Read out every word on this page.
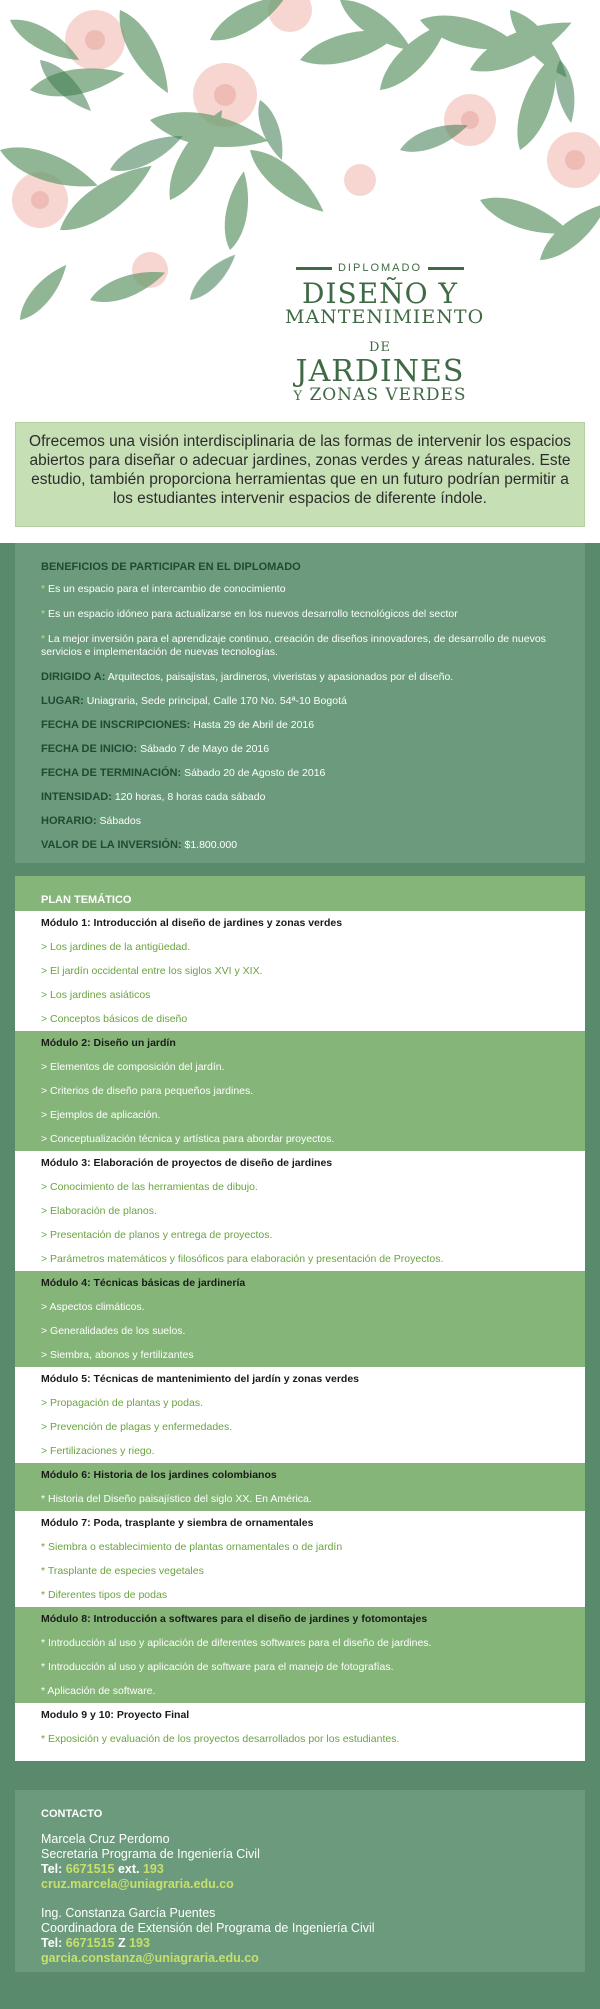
DIPLOMADO
DISEÑO Y
MANTENIMIENTO
DE JARDINES
Y ZONAS VERDES
Ofrecemos una visión interdisciplinaria de las formas de intervenir los espacios abiertos para diseñar o adecuar jardines, zonas verdes y áreas naturales. Este estudio, también proporciona herramientas que en un futuro podrían permitir a los estudiantes intervenir espacios de diferente índole.
BENEFICIOS DE PARTICIPAR EN EL DIPLOMADO
* Es un espacio para el intercambio de conocimiento
* Es un espacio idóneo para actualizarse en los nuevos desarrollo tecnológicos del sector
* La mejor inversión para el aprendizaje continuo, creación de diseños innovadores, de desarrollo de nuevos servicios e implementación de nuevas tecnologías.
DIRIGIDO A: Arquitectos, paisajistas, jardineros, viveristas y apasionados por el diseño.
LUGAR: Uniagraria, Sede principal, Calle 170 No. 54ª-10 Bogotá
FECHA DE INSCRIPCIONES: Hasta 29 de Abril de 2016
FECHA DE INICIO: Sábado 7 de Mayo de 2016
FECHA DE TERMINACIÓN: Sábado 20 de Agosto de 2016
INTENSIDAD: 120 horas, 8 horas cada sábado
HORARIO: Sábados
VALOR DE LA INVERSIÓN: $1.800.000
PLAN TEMÁTICO
Módulo 1: Introducción al diseño de jardines y zonas verdes
> Los jardines de la antigüedad.
> El jardín occidental entre los siglos XVI y XIX.
> Los jardines asiáticos
> Conceptos básicos de diseño
Módulo 2: Diseño un jardín
> Elementos de composición del jardín.
> Criterios de diseño para pequeños jardines.
> Ejemplos de aplicación.
> Conceptualización técnica y artística para abordar proyectos.
Módulo 3: Elaboración de proyectos de diseño de jardines
> Conocimiento de las herramientas de dibujo.
> Elaboración de planos.
> Presentación de planos y entrega de proyectos.
> Parámetros matemáticos y filosóficos para elaboración y presentación de Proyectos.
Módulo 4: Técnicas básicas de jardinería
> Aspectos climáticos.
> Generalidades de los suelos.
> Siembra, abonos y fertilizantes
Módulo 5: Técnicas de mantenimiento del jardín y zonas verdes
> Propagación de plantas y podas.
> Prevención de plagas y enfermedades.
> Fertilizaciones y riego.
Módulo 6: Historia de los jardines colombianos
* Historia del Diseño paisajístico del siglo XX. En América.
Módulo 7: Poda, trasplante y siembra de ornamentales
* Siembra o establecimiento de plantas ornamentales o de jardín
* Trasplante de especies vegetales
* Diferentes tipos de podas
Módulo 8: Introducción a softwares para el diseño de jardines y fotomontajes
* Introducción al uso y aplicación de diferentes softwares para el diseño de jardines.
* Introducción al uso y aplicación de software para el manejo de fotografías.
* Aplicación de software.
Modulo 9 y 10: Proyecto Final
* Exposición y evaluación de los proyectos desarrollados por los estudiantes.
CONTACTO
Marcela Cruz Perdomo
Secretaria Programa de Ingeniería Civil
Tel: 6671515 ext. 193
cruz.marcela@uniagraria.edu.co
Ing. Constanza García Puentes
Coordinadora de Extensión del Programa de Ingeniería Civil
Tel: 6671515 Z 193
garcia.constanza@uniagraria.edu.co
